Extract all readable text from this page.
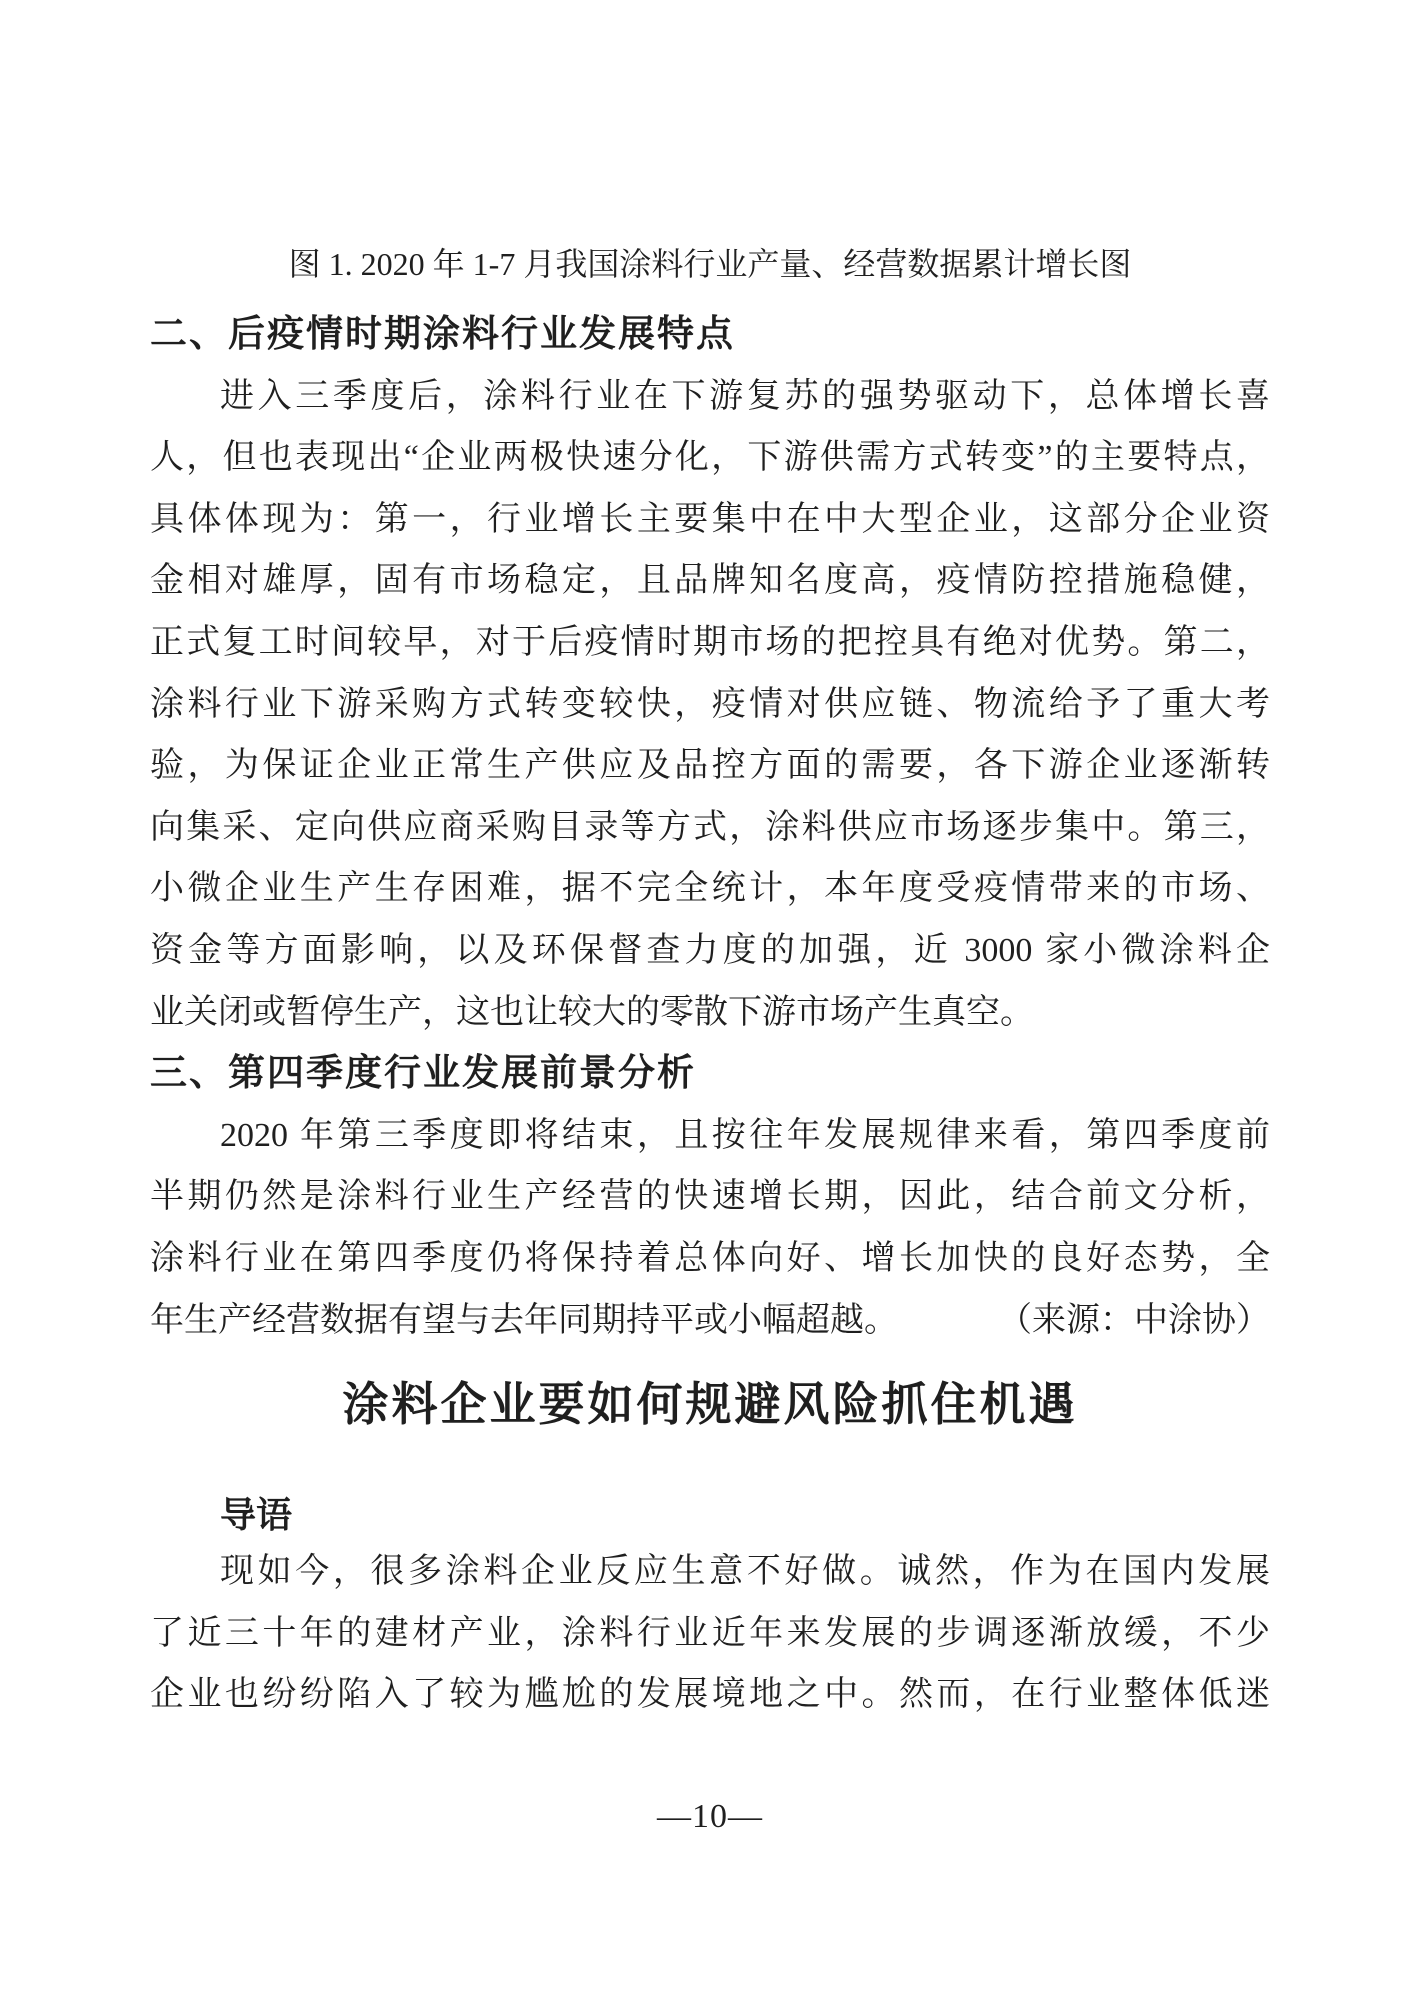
图 1. 2020 年 1-7 月我国涂料行业产量、经营数据累计增长图
二、后疫情时期涂料行业发展特点
进入三季度后，涂料行业在下游复苏的强势驱动下，总体增长喜
人，但也表现出“企业两极快速分化，下游供需方式转变”的主要特点，
具体体现为：第一，行业增长主要集中在中大型企业，这部分企业资
金相对雄厚，固有市场稳定，且品牌知名度高，疫情防控措施稳健，
正式复工时间较早，对于后疫情时期市场的把控具有绝对优势。第二，
涂料行业下游采购方式转变较快，疫情对供应链、物流给予了重大考
验，为保证企业正常生产供应及品控方面的需要，各下游企业逐渐转
向集采、定向供应商采购目录等方式，涂料供应市场逐步集中。第三，
小微企业生产生存困难，据不完全统计，本年度受疫情带来的市场、
资金等方面影响，以及环保督查力度的加强，近 3000 家小微涂料企
业关闭或暂停生产，这也让较大的零散下游市场产生真空。
三、第四季度行业发展前景分析
2020 年第三季度即将结束，且按往年发展规律来看，第四季度前
半期仍然是涂料行业生产经营的快速增长期，因此，结合前文分析，
涂料行业在第四季度仍将保持着总体向好、增长加快的良好态势，全
年生产经营数据有望与去年同期持平或小幅超越。	（来源：中涂协）
涂料企业要如何规避风险抓住机遇
导语
现如今，很多涂料企业反应生意不好做。诚然，作为在国内发展
了近三十年的建材产业，涂料行业近年来发展的步调逐渐放缓，不少
企业也纷纷陷入了较为尴尬的发展境地之中。然而，在行业整体低迷
—10—
